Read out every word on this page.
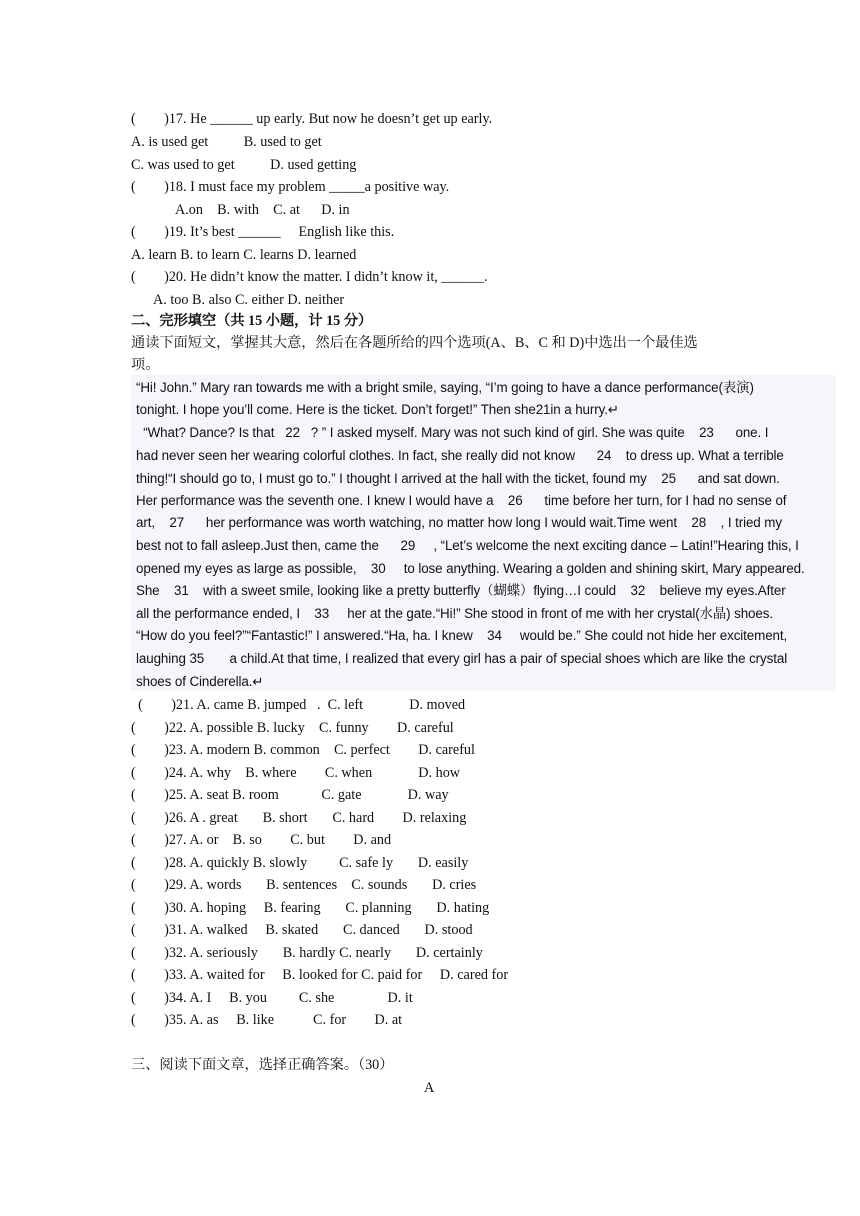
(        )17. He ______ up early. But now he doesn’t get up early.
A. is used get          B. used to get
C. was used to get          D. used getting
(        )18. I must face my problem _____a positive way.
A.on    B. with    C. at      D. in
(        )19. It’s best ______     English like this.
A. learn B. to learn C. learns D. learned
(        )20. He didn’t know the matter. I didn’t know it, ______.
A. too B. also C. either D. neither
二、完形填空（共 15 小题，计 15 分）
通读下面短文，掌握其大意，然后在各题所给的四个选项(A、B、C 和 D)中选出一个最佳选
项。
“Hi! John.” Mary ran towards me with a bright smile, saying, “I’m going to have a dance performance(表演)
tonight. I hope you’ll come. Here is the ticket. Don’t forget!” Then she21in a hurry.↵
“What? Dance? Is that   22   ? ” I asked myself. Mary was not such kind of girl. She was quite    23      one. I
had never seen her wearing colorful clothes. In fact, she really did not know      24    to dress up. What a terrible
thing!“I should go to, I must go to.” I thought I arrived at the hall with the ticket, found my    25      and sat down.
Her performance was the seventh one. I knew I would have a    26      time before her turn, for I had no sense of
art,    27      her performance was worth watching, no matter how long I would wait.Time went    28    , I tried my
best not to fall asleep.Just then, came the      29     , “Let’s welcome the next exciting dance – Latin!”Hearing this, I
opened my eyes as large as possible,    30     to lose anything. Wearing a golden and shining skirt, Mary appeared.
She    31    with a sweet smile, looking like a pretty butterfly（蝴蝶）flying…I could    32    believe my eyes.After
all the performance ended, I    33     her at the gate.“Hi!” She stood in front of me with her crystal(水晶) shoes.
“How do you feel?”“Fantastic!” I answered.“Ha, ha. I knew    34     would be.” She could not hide her excitement,
laughing 35       a child.At that time, I realized that every girl has a pair of special shoes which are like the crystal
shoes of Cinderella.↵
(        )21. A. came B. jumped   .  C. left             D. moved
(        )22. A. possible B. lucky    C. funny        D. careful
(        )23. A. modern B. common    C. perfect        D. careful
(        )24. A. why    B. where        C. when             D. how
(        )25. A. seat B. room            C. gate             D. way
(        )26. A . great       B. short       C. hard        D. relaxing
(        )27. A. or    B. so        C. but        D. and
(        )28. A. quickly B. slowly         C. safe ly       D. easily
(        )29. A. words       B. sentences    C. sounds       D. cries
(        )30. A. hoping     B. fearing       C. planning       D. hating
(        )31. A. walked     B. skated       C. danced       D. stood
(        )32. A. seriously       B. hardly C. nearly       D. certainly
(        )33. A. waited for     B. looked for C. paid for     D. cared for
(        )34. A. I     B. you         C. she               D. it
(        )35. A. as     B. like           C. for        D. at
三、阅读下面文章，选择正确答案。（30）
A
